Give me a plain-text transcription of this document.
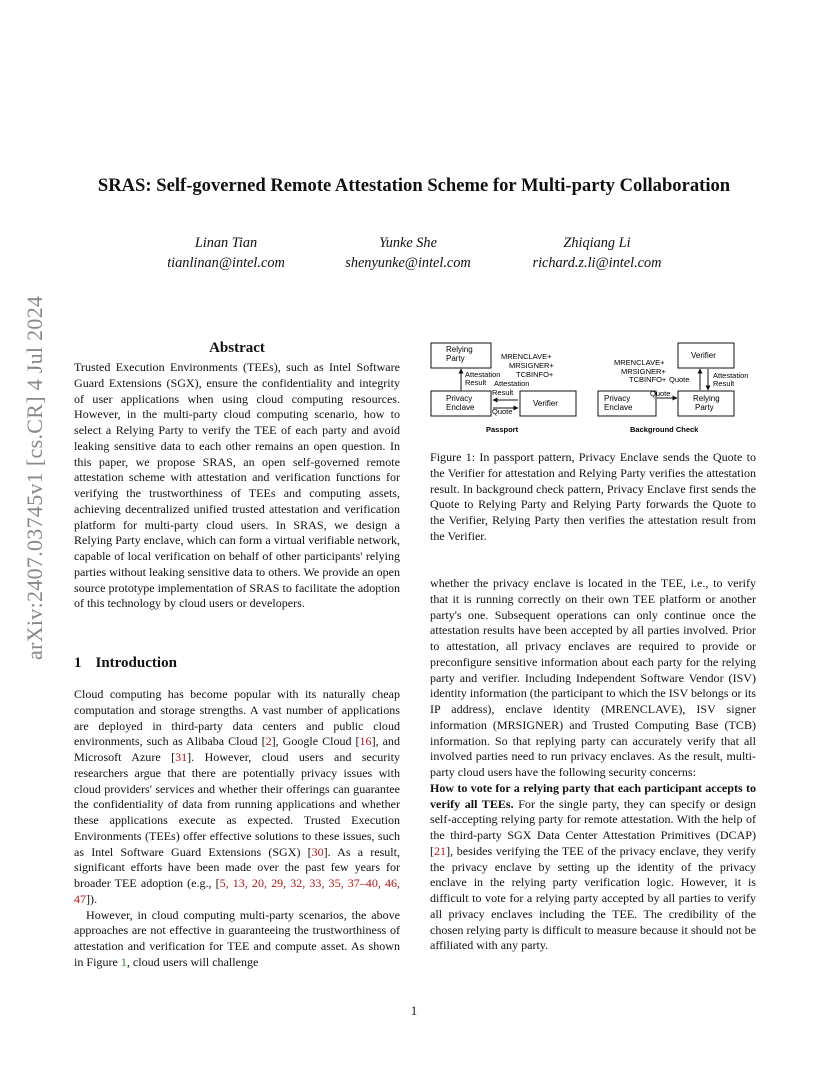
arXiv:2407.03745v1 [cs.CR] 4 Jul 2024
SRAS: Self-governed Remote Attestation Scheme for Multi-party Collaboration
Linan Tian
tianlinan@intel.com
Yunke She
shenyunke@intel.com
Zhiqiang Li
richard.z.li@intel.com
Abstract

Trusted Execution Environments (TEEs), such as Intel Software Guard Extensions (SGX), ensure the confidentiality and integrity of user applications when using cloud computing resources. However, in the multi-party cloud computing scenario, how to select a Relying Party to verify the TEE of each party and avoid leaking sensitive data to each other remains an open question. In this paper, we propose SRAS, an open self-governed remote attestation scheme with attestation and verification functions for verifying the trustworthiness of TEEs and computing assets, achieving decentralized unified trusted attestation and verification platform for multi-party cloud users. In SRAS, we design a Relying Party enclave, which can form a virtual verifiable network, capable of local verification on behalf of other participants' relying parties without leaking sensitive data to others. We provide an open source prototype implementation of SRAS to facilitate the adoption of this technology by cloud users or developers.

1 Introduction

Cloud computing has become popular with its naturally cheap computation and storage strengths. A vast number of applications are deployed in third-party data centers and public cloud environments, such as Alibaba Cloud [2], Google Cloud [16], and Microsoft Azure [31]. However, cloud users and security researchers argue that there are potentially privacy issues with cloud providers' services and whether their offerings can guarantee the confidentiality of data from running applications and whether these applications execute as expected. Trusted Execution Environments (TEEs) offer effective solutions to these issues, such as Intel Software Guard Extensions (SGX) [30]. As a result, significant efforts have been made over the past few years for broader TEE adoption (e.g., [5, 13, 20, 29, 32, 33, 35, 37–40, 46, 47]).

However, in cloud computing multi-party scenarios, the above approaches are not effective in guaranteeing the trustworthiness of attestation and verification for TEE and compute asset. As shown in Figure 1, cloud users will challenge

Relying
Party
Privacy
Enclave	Verifier
MRENCLAVE+
MRSIGNER+
TCBINFO+
Attestation
Result Attestation
Result
Quote
Passport
Verifier
Privacy
Enclave
Relying
Party
MRENCLAVE+
MRSIGNER+
TCBINFO+ Quote	Attestation
Result
Quote
Background Check
Figure 1: In passport pattern, Privacy Enclave sends the Quote to the Verifier for attestation and Relying Party verifies the attestation result. In background check pattern, Privacy Enclave first sends the Quote to Relying Party and Relying Party forwards the Quote to the Verifier, Relying Party then verifies the attestation result from the Verifier.

whether the privacy enclave is located in the TEE, i.e., to verify that it is running correctly on their own TEE platform or another party's one. Subsequent operations can only continue once the attestation results have been accepted by all parties involved. Prior to attestation, all privacy enclaves are required to provide or preconfigure sensitive information about each party for the relying party and verifier. Including Independent Software Vendor (ISV) identity information (the participant to which the ISV belongs or its IP address), enclave identity (MRENCLAVE), ISV signer information (MRSIGNER) and Trusted Computing Base (TCB) information. So that replying party can accurately verify that all involved parties need to run privacy enclaves. As the result, multi-party cloud users have the following security concerns:

How to vote for a relying party that each participant accepts to verify all TEEs. For the single party, they can specify or design self-accepting relying party for remote attestation. With the help of the third-party SGX Data Center Attestation Primitives (DCAP) [21], besides verifying the TEE of the privacy enclave, they verify the privacy enclave by setting up the identity of the privacy enclave in the relying party verification logic. However, it is difficult to vote for a relying party accepted by all parties to verify all privacy enclaves including the TEE. The credibility of the chosen relying party is difficult to measure because it should not be affiliated with any party.

1
